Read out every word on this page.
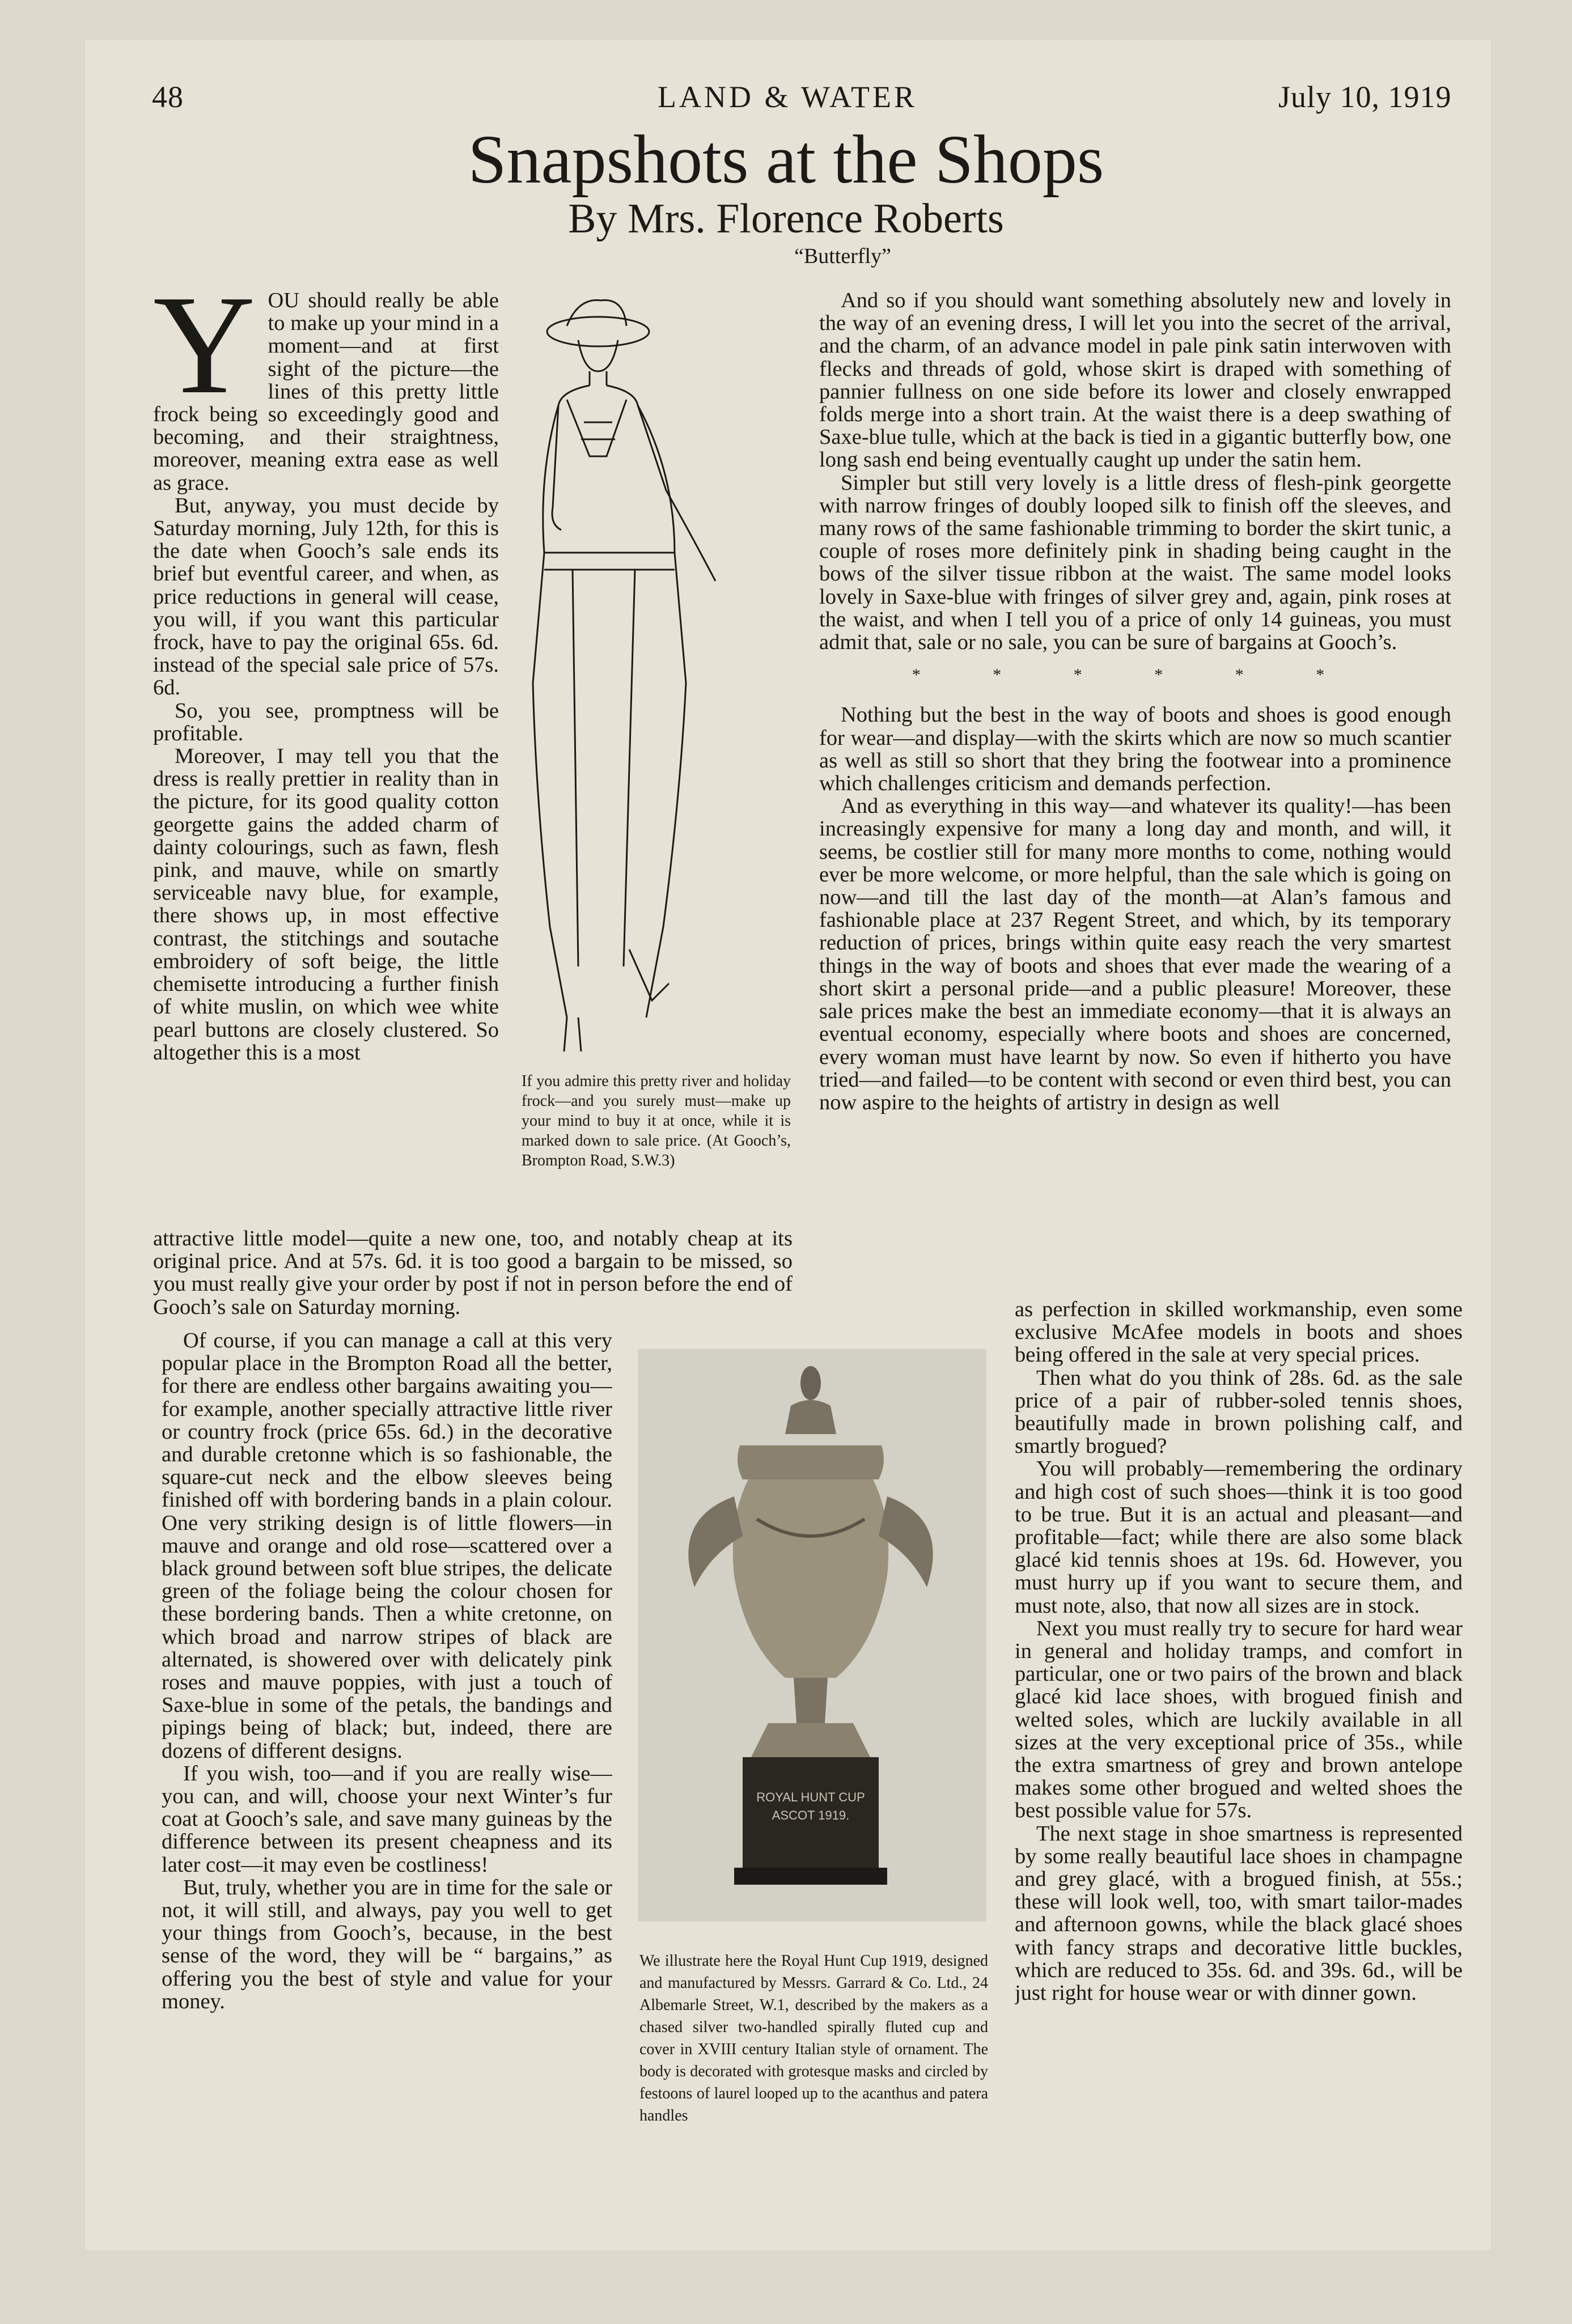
48	LAND & WATER	July 10, 1919
Snapshots at the Shops
By Mrs. Florence Roberts
“Butterfly”

YOU should really be able to make up your mind in a moment—and at first sight of the picture—the lines of this pretty little frock being so exceedingly good and becoming, and their straightness, moreover, meaning extra ease as well as grace.

But, anyway, you must decide by Saturday morning, July 12th, for this is the date when Gooch’s sale ends its brief but eventful career, and when, as price reductions in general will cease, you will, if you want this particular frock, have to pay the original 65s. 6d. instead of the special sale price of 57s. 6d.

So, you see, promptness will be profitable.

Moreover, I may tell you that the dress is really prettier in reality than in the picture, for its good quality cotton georgette gains the added charm of dainty colourings, such as fawn, flesh pink, and mauve, while on smartly serviceable navy blue, for example, there shows up, in most effective contrast, the stitchings and soutache embroidery of soft beige, the little chemisette introducing a further finish of white muslin, on which wee white pearl buttons are closely clustered. So altogether this is a most

If you admire this pretty river and holiday frock—and you surely must—make up your mind to buy it at once, while it is marked down to sale price. (At Gooch’s, Brompton Road, S.W.3)

attractive little model—quite a new one, too, and notably cheap at its original price. And at 57s. 6d. it is too good a bargain to be missed, so you must really give your order by post if not in person before the end of Gooch’s sale on Saturday morning.

Of course, if you can manage a call at this very popular place in the Brompton Road all the better, for there are endless other bargains awaiting you—for example, another specially attractive little river or country frock (price 65s. 6d.) in the decorative and durable cretonne which is so fashionable, the square-cut neck and the elbow sleeves being finished off with bordering bands in a plain colour. One very striking design is of little flowers—in mauve and orange and old rose—scattered over a black ground between soft blue stripes, the delicate green of the foliage being the colour chosen for these bordering bands. Then a white cretonne, on which broad and narrow stripes of black are alternated, is showered over with delicately pink roses and mauve poppies, with just a touch of Saxe-blue in some of the petals, the bandings and pipings being of black; but, indeed, there are dozens of different designs.

If you wish, too—and if you are really wise—you can, and will, choose your next Winter’s fur coat at Gooch’s sale, and save many guineas by the difference between its present cheapness and its later cost—it may even be costliness!

But, truly, whether you are in time for the sale or not, it will still, and always, pay you well to get your things from Gooch’s, because, in the best sense of the word, they will be “ bargains,” as offering you the best of style and value for your money.

ROYAL HUNT CUP
ASCOT 1919.
We illustrate here the Royal Hunt Cup 1919, designed and manufactured by Messrs. Garrard & Co. Ltd., 24 Albemarle Street, W.1, described by the makers as a chased silver two-handled spirally fluted cup and cover in XVIII century Italian style of ornament. The body is decorated with grotesque masks and circled by festoons of laurel looped up to the acanthus and patera handles

And so if you should want something absolutely new and lovely in the way of an evening dress, I will let you into the secret of the arrival, and the charm, of an advance model in pale pink satin interwoven with flecks and threads of gold, whose skirt is draped with something of pannier fullness on one side before its lower and closely enwrapped folds merge into a short train. At the waist there is a deep swathing of Saxe-blue tulle, which at the back is tied in a gigantic butterfly bow, one long sash end being eventually caught up under the satin hem.

Simpler but still very lovely is a little dress of flesh-pink georgette with narrow fringes of doubly looped silk to finish off the sleeves, and many rows of the same fashionable trimming to border the skirt tunic, a couple of roses more definitely pink in shading being caught in the bows of the silver tissue ribbon at the waist. The same model looks lovely in Saxe-blue with fringes of silver grey and, again, pink roses at the waist, and when I tell you of a price of only 14 guineas, you must admit that, sale or no sale, you can be sure of bargains at Gooch’s.

* * * * * *

Nothing but the best in the way of boots and shoes is good enough for wear—and display—with the skirts which are now so much scantier as well as still so short that they bring the footwear into a prominence which challenges criticism and demands perfection.

And as everything in this way—and whatever its quality!—has been increasingly expensive for many a long day and month, and will, it seems, be costlier still for many more months to come, nothing would ever be more welcome, or more helpful, than the sale which is going on now—and till the last day of the month—at Alan’s famous and fashionable place at 237 Regent Street, and which, by its temporary reduction of prices, brings within quite easy reach the very smartest things in the way of boots and shoes that ever made the wearing of a short skirt a personal pride—and a public pleasure! Moreover, these sale prices make the best an immediate economy—that it is always an eventual economy, especially where boots and shoes are concerned, every woman must have learnt by now. So even if hitherto you have tried—and failed—to be content with second or even third best, you can now aspire to the heights of artistry in design as well

as perfection in skilled workmanship, even some exclusive McAfee models in boots and shoes being offered in the sale at very special prices.

Then what do you think of 28s. 6d. as the sale price of a pair of rubber-soled tennis shoes, beautifully made in brown polishing calf, and smartly brogued?

You will probably—remembering the ordinary and high cost of such shoes—think it is too good to be true. But it is an actual and pleasant—and profitable—fact; while there are also some black glacé kid tennis shoes at 19s. 6d. However, you must hurry up if you want to secure them, and must note, also, that now all sizes are in stock.

Next you must really try to secure for hard wear in general and holiday tramps, and comfort in particular, one or two pairs of the brown and black glacé kid lace shoes, with brogued finish and welted soles, which are luckily available in all sizes at the very exceptional price of 35s., while the extra smartness of grey and brown antelope makes some other brogued and welted shoes the best possible value for 57s.

The next stage in shoe smartness is represented by some really beautiful lace shoes in champagne and grey glacé, with a brogued finish, at 55s.; these will look well, too, with smart tailor-mades and afternoon gowns, while the black glacé shoes with fancy straps and decorative little buckles, which are reduced to 35s. 6d. and 39s. 6d., will be just right for house wear or with dinner gown.
